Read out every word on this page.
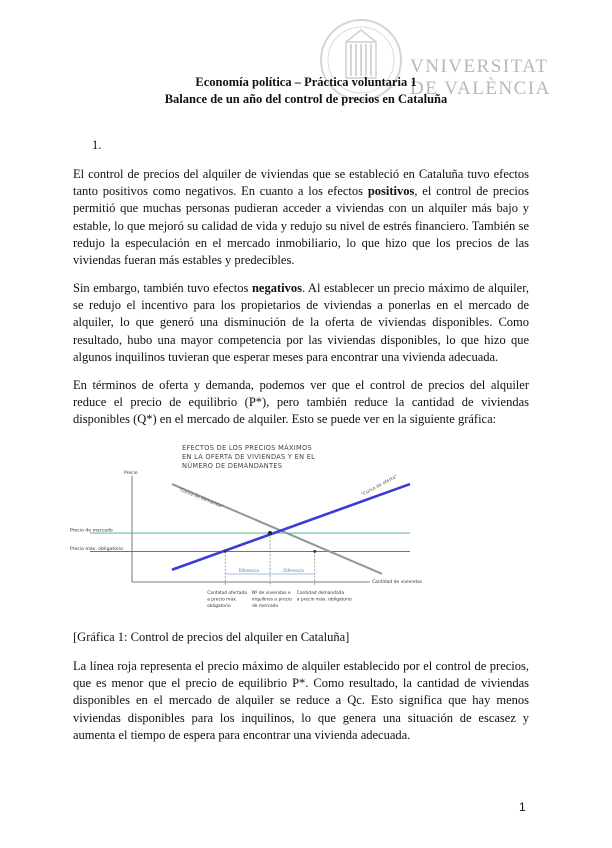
VNIVERSITAT
DE VALÈNCIA
Economía política – Práctica voluntaria 1
Balance de un año del control de precios en Cataluña
1.

El control de precios del alquiler de viviendas que se estableció en Cataluña tuvo efectos tanto positivos como negativos. En cuanto a los efectos positivos, el control de precios permitió que muchas personas pudieran acceder a viviendas con un alquiler más bajo y estable, lo que mejoró su calidad de vida y redujo su nivel de estrés financiero. También se redujo la especulación en el mercado inmobiliario, lo que hizo que los precios de las viviendas fueran más estables y predecibles.

Sin embargo, también tuvo efectos negativos. Al establecer un precio máximo de alquiler, se redujo el incentivo para los propietarios de viviendas a ponerlas en el mercado de alquiler, lo que generó una disminución de la oferta de viviendas disponibles. Como resultado, hubo una mayor competencia por las viviendas disponibles, lo que hizo que algunos inquilinos tuvieran que esperar meses para encontrar una vivienda adecuada.

En términos de oferta y demanda, podemos ver que el control de precios del alquiler reduce el precio de equilibrio (P*), pero también reduce la cantidad de viviendas disponibles (Q*) en el mercado de alquiler. Esto se puede ver en la siguiente gráfica:

EFECTOS DE LOS PRECIOS MÁXIMOS
EN LA OFERTA DE VIVIENDAS Y EN EL
NÚMERO DE DEMANDANTES
Precio
Cantidad de viviendas
Precio de mercado
Precio máx. obligatorio
"Curva de demanda"
"Curva de oferta"
Diferencia	Diferencia
Cantidad ofertada
a precio máx.
obligatorio
Nº de viviendas e
inquilinos a precio
de mercado
Cantidad demandada
a precio máx. obligatorio
[Gráfica 1: Control de precios del alquiler en Cataluña]

La línea roja representa el precio máximo de alquiler establecido por el control de precios, que es menor que el precio de equilibrio P*. Como resultado, la cantidad de viviendas disponibles en el mercado de alquiler se reduce a Qc. Esto significa que hay menos viviendas disponibles para los inquilinos, lo que genera una situación de escasez y aumenta el tiempo de espera para encontrar una vivienda adecuada.

1
